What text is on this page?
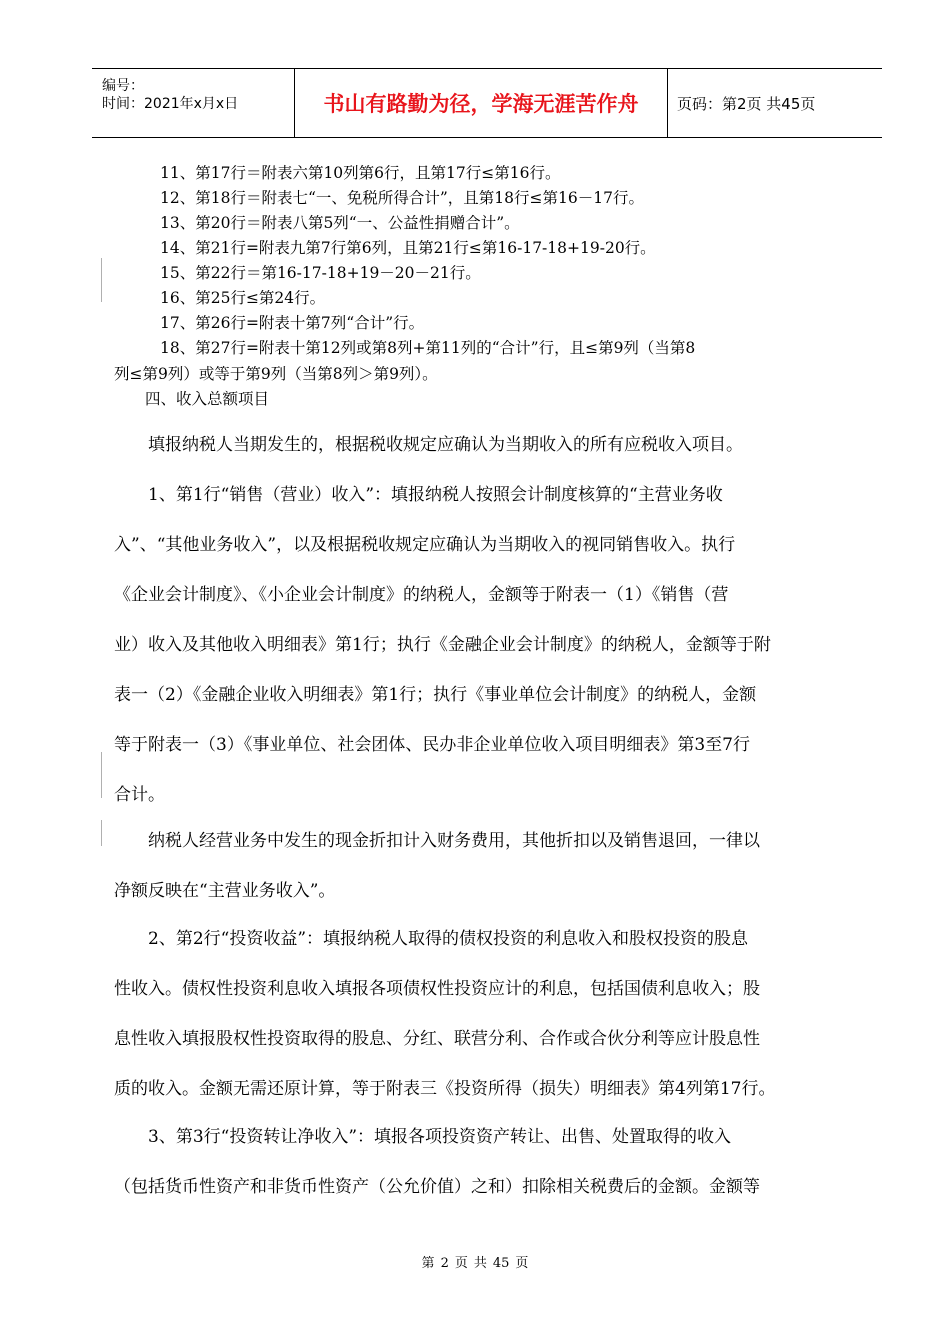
编号：
时间：2021年x月x日	书山有路勤为径，学海无涯苦作舟	页码：第2页 共45页
11、第17行＝附表六第10列第6行，且第17行≤第16行。
12、第18行＝附表七“一、免税所得合计”，且第18行≤第16－17行。
13、第20行＝附表八第5列“一、公益性捐赠合计”。
14、第21行=附表九第7行第6列，且第21行≤第16-17-18+19-20行。
15、第22行＝第16-17-18+19－20－21行。
16、第25行≤第24行。
17、第26行=附表十第7列“合计”行。
18、第27行=附表十第12列或第8列+第11列的“合计”行，且≤第9列（当第8
列≤第9列）或等于第9列（当第8列＞第9列）。
四、收入总额项目
填报纳税人当期发生的，根据税收规定应确认为当期收入的所有应税收入项目。
1、第1行“销售（营业）收入”：填报纳税人按照会计制度核算的“主营业务收
入”、“其他业务收入”，以及根据税收规定应确认为当期收入的视同销售收入。执行
《企业会计制度》、《小企业会计制度》的纳税人，金额等于附表一（1）《销售（营
业）收入及其他收入明细表》第1行；执行《金融企业会计制度》的纳税人，金额等于附
表一（2）《金融企业收入明细表》第1行；执行《事业单位会计制度》的纳税人，金额
等于附表一（3）《事业单位、社会团体、民办非企业单位收入项目明细表》第3至7行
合计。
纳税人经营业务中发生的现金折扣计入财务费用，其他折扣以及销售退回，一律以
净额反映在“主营业务收入”。
2、第2行“投资收益”：填报纳税人取得的债权投资的利息收入和股权投资的股息
性收入。债权性投资利息收入填报各项债权性投资应计的利息，包括国债利息收入；股
息性收入填报股权性投资取得的股息、分红、联营分利、合作或合伙分利等应计股息性
质的收入。金额无需还原计算，等于附表三《投资所得（损失）明细表》第4列第17行。
3、第3行“投资转让净收入”：填报各项投资资产转让、出售、处置取得的收入
（包括货币性资产和非货币性资产（公允价值）之和）扣除相关税费后的金额。金额等
第 2 页 共 45 页
